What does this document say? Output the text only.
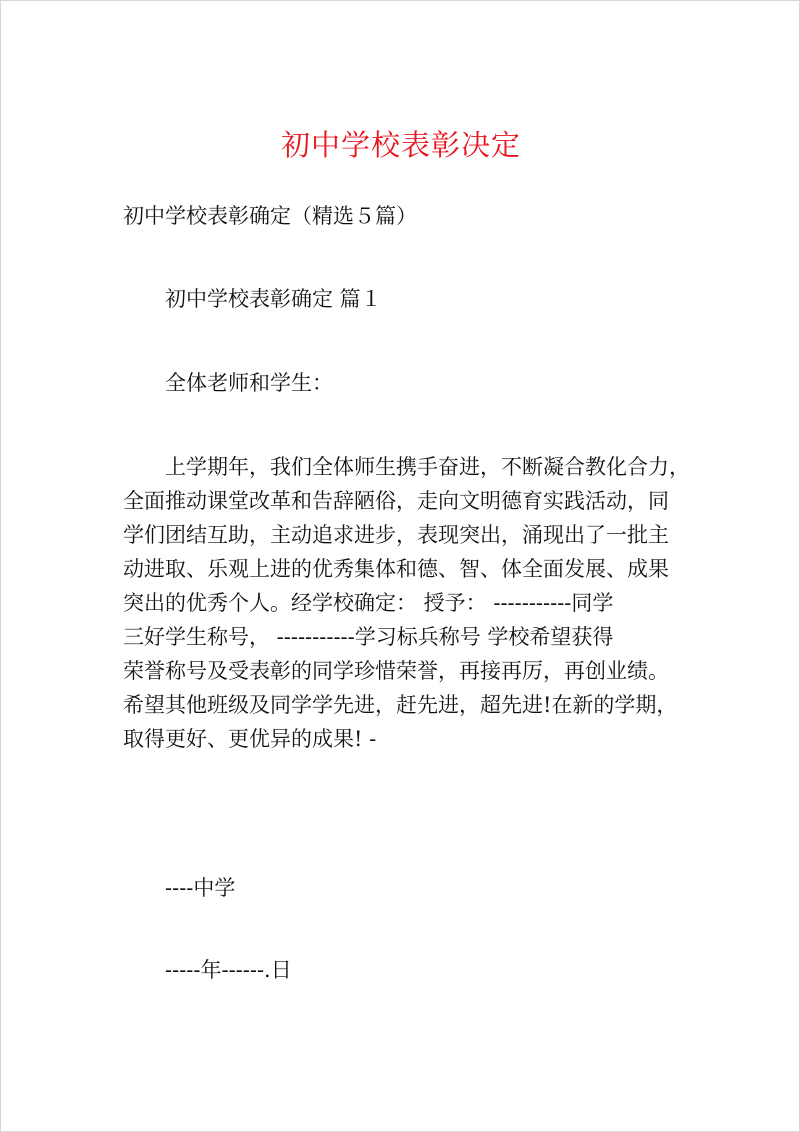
初中学校表彰决定
初中学校表彰确定（精选５篇）
初中学校表彰确定 篇１
全体老师和学生：
上学期年，我们全体师生携手奋进，不断凝合教化合力，
全面推动课堂改革和告辞陋俗，走向文明德育实践活动，同
学们团结互助，主动追求进步，表现突出，涌现出了一批主
动进取、乐观上进的优秀集体和德、智、体全面发展、成果
突出的优秀个人。经学校确定： 授予： -----------同学
三好学生称号， -----------学习标兵称号 学校希望获得
荣誉称号及受表彰的同学珍惜荣誉，再接再厉，再创业绩。
希望其他班级及同学学先进，赶先进，超先进!在新的学期，
取得更好、更优异的成果! -
----中学
-----年------.日
